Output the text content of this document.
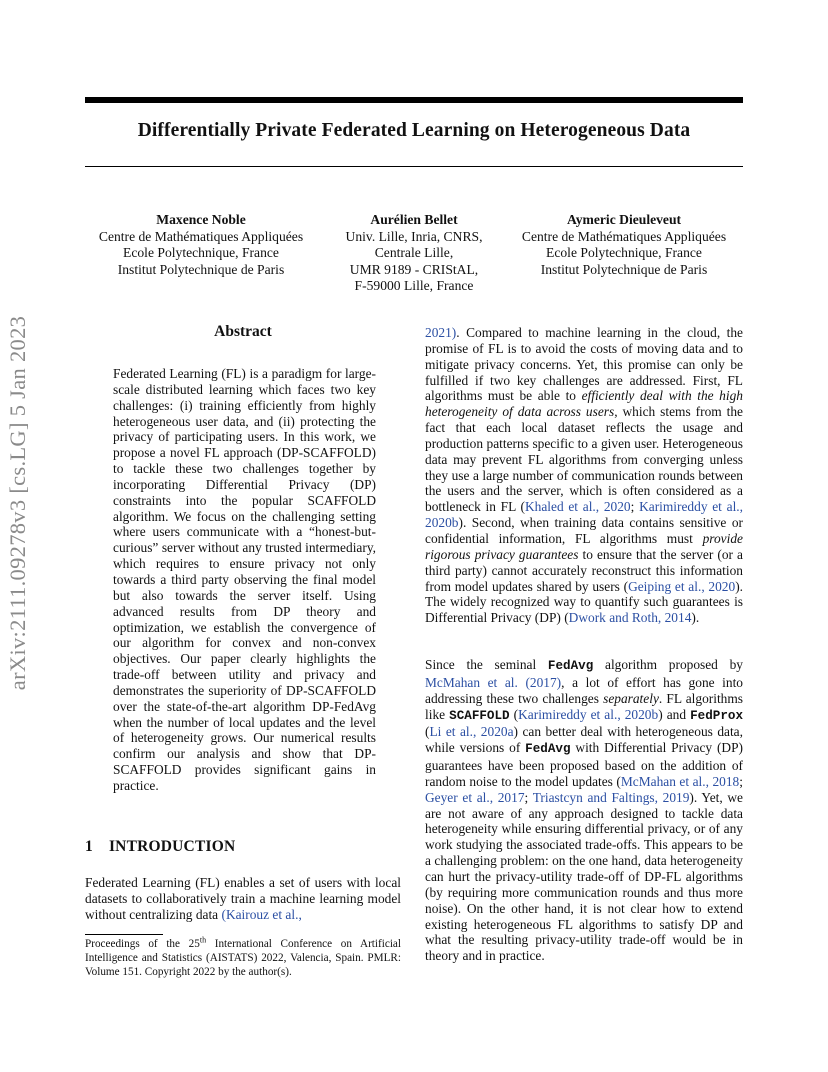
arXiv:2111.09278v3 [cs.LG] 5 Jan 2023
Differentially Private Federated Learning on Heterogeneous Data
Maxence Noble
Centre de Mathématiques Appliquées
Ecole Polytechnique, France
Institut Polytechnique de Paris
Aurélien Bellet
Univ. Lille, Inria, CNRS,
Centrale Lille,
UMR 9189 - CRIStAL,
F-59000 Lille, France
Aymeric Dieuleveut
Centre de Mathématiques Appliquées
Ecole Polytechnique, France
Institut Polytechnique de Paris
Abstract
Federated Learning (FL) is a paradigm for large-scale distributed learning which faces two key challenges: (i) training efficiently from highly heterogeneous user data, and (ii) protecting the privacy of participating users. In this work, we propose a novel FL approach (DP-SCAFFOLD) to tackle these two challenges together by incorporating Differential Privacy (DP) constraints into the popular SCAFFOLD algorithm. We focus on the challenging setting where users communicate with a “honest-but-curious” server without any trusted intermediary, which requires to ensure privacy not only towards a third party observing the final model but also towards the server itself. Using advanced results from DP theory and optimization, we establish the convergence of our algorithm for convex and non-convex objectives. Our paper clearly highlights the trade-off between utility and privacy and demonstrates the superiority of DP-SCAFFOLD over the state-of-the-art algorithm DP-FedAvg when the number of local updates and the level of heterogeneity grows. Our numerical results confirm our analysis and show that DP-SCAFFOLD provides significant gains in practice.
1 INTRODUCTION
Federated Learning (FL) enables a set of users with local datasets to collaboratively train a machine learning model without centralizing data (Kairouz et al.,
Proceedings of the 25th International Conference on Artificial Intelligence and Statistics (AISTATS) 2022, Valencia, Spain. PMLR: Volume 151. Copyright 2022 by the author(s).
2021). Compared to machine learning in the cloud, the promise of FL is to avoid the costs of moving data and to mitigate privacy concerns. Yet, this promise can only be fulfilled if two key challenges are addressed. First, FL algorithms must be able to efficiently deal with the high heterogeneity of data across users, which stems from the fact that each local dataset reflects the usage and production patterns specific to a given user. Heterogeneous data may prevent FL algorithms from converging unless they use a large number of communication rounds between the users and the server, which is often considered as a bottleneck in FL (Khaled et al., 2020; Karimireddy et al., 2020b). Second, when training data contains sensitive or confidential information, FL algorithms must provide rigorous privacy guarantees to ensure that the server (or a third party) cannot accurately reconstruct this information from model updates shared by users (Geiping et al., 2020). The widely recognized way to quantify such guarantees is Differential Privacy (DP) (Dwork and Roth, 2014).
Since the seminal FedAvg algorithm proposed by McMahan et al. (2017), a lot of effort has gone into addressing these two challenges separately. FL algorithms like SCAFFOLD (Karimireddy et al., 2020b) and FedProx (Li et al., 2020a) can better deal with heterogeneous data, while versions of FedAvg with Differential Privacy (DP) guarantees have been proposed based on the addition of random noise to the model updates (McMahan et al., 2018; Geyer et al., 2017; Triastcyn and Faltings, 2019). Yet, we are not aware of any approach designed to tackle data heterogeneity while ensuring differential privacy, or of any work studying the associated trade-offs. This appears to be a challenging problem: on the one hand, data heterogeneity can hurt the privacy-utility trade-off of DP-FL algorithms (by requiring more communication rounds and thus more noise). On the other hand, it is not clear how to extend existing heterogeneous FL algorithms to satisfy DP and what the resulting privacy-utility trade-off would be in theory and in practice.
